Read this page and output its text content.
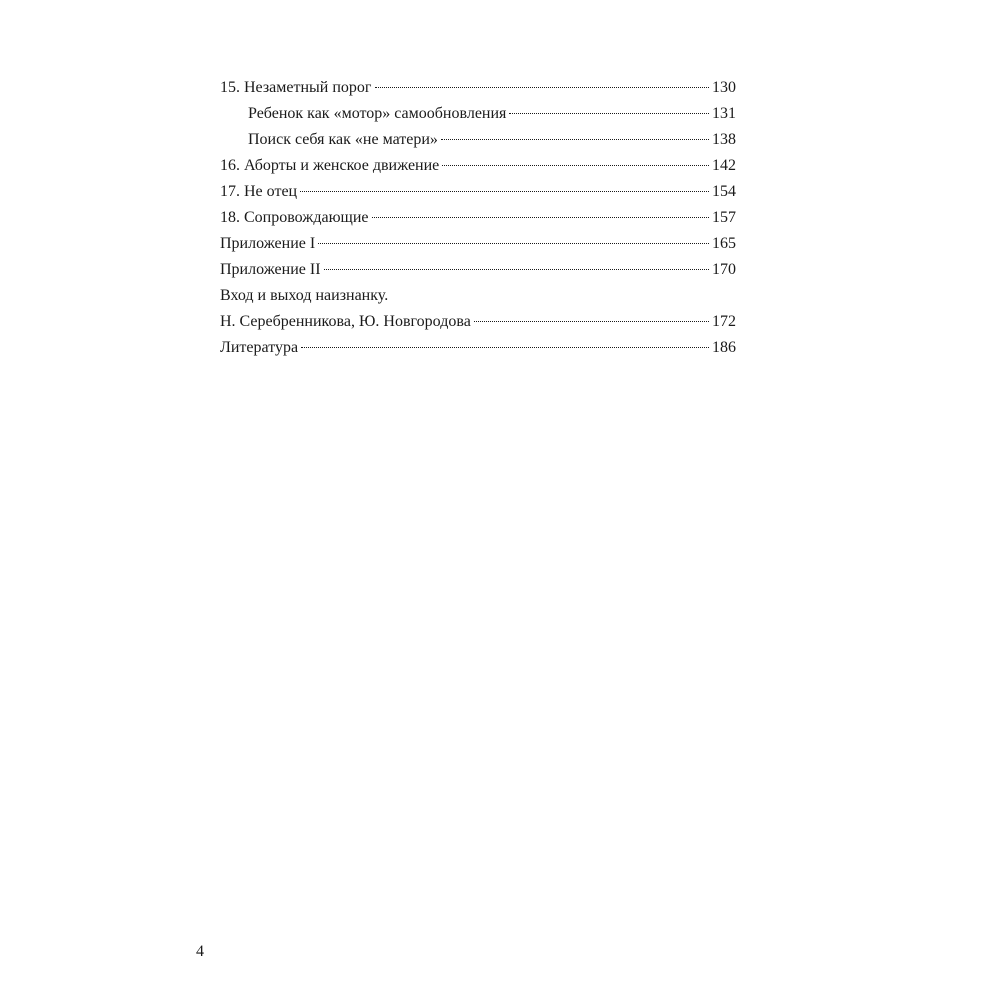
15. Незаметный порог	130
Ребенок как «мотор» самообновления	131
Поиск себя как «не матери»	138
16. Аборты и женское движение	142
17. Не отец	154
18. Сопровождающие	157
Приложение I	165
Приложение II	170
Вход и выход наизнанку.
Н. Серебренникова, Ю. Новгородова	172
Литература	186
4
